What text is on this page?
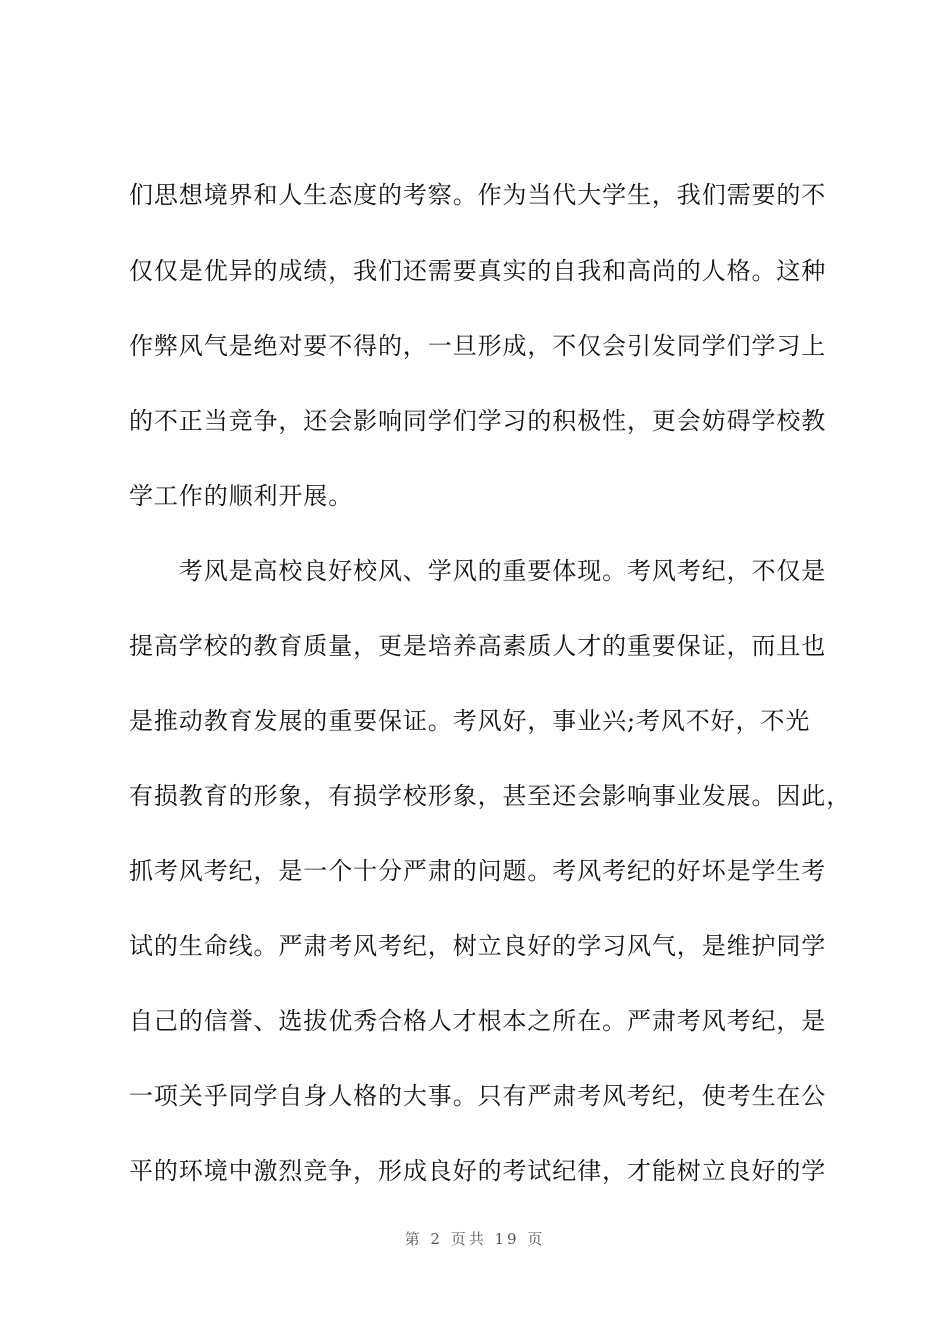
们思想境界和人生态度的考察。作为当代大学生，我们需要的不
仅仅是优异的成绩，我们还需要真实的自我和高尚的人格。这种
作弊风气是绝对要不得的，一旦形成，不仅会引发同学们学习上
的不正当竞争，还会影响同学们学习的积极性，更会妨碍学校教
学工作的顺利开展。
　　考风是高校良好校风、学风的重要体现。考风考纪，不仅是
提高学校的教育质量，更是培养高素质人才的重要保证，而且也
是推动教育发展的重要保证。考风好，事业兴;考风不好，不光
有损教育的形象，有损学校形象，甚至还会影响事业发展。因此，
抓考风考纪，是一个十分严肃的问题。考风考纪的好坏是学生考
试的生命线。严肃考风考纪，树立良好的学习风气，是维护同学
自己的信誉、选拔优秀合格人才根本之所在。严肃考风考纪，是
一项关乎同学自身人格的大事。只有严肃考风考纪，使考生在公
平的环境中激烈竞争，形成良好的考试纪律，才能树立良好的学
第 2 页共 19 页
